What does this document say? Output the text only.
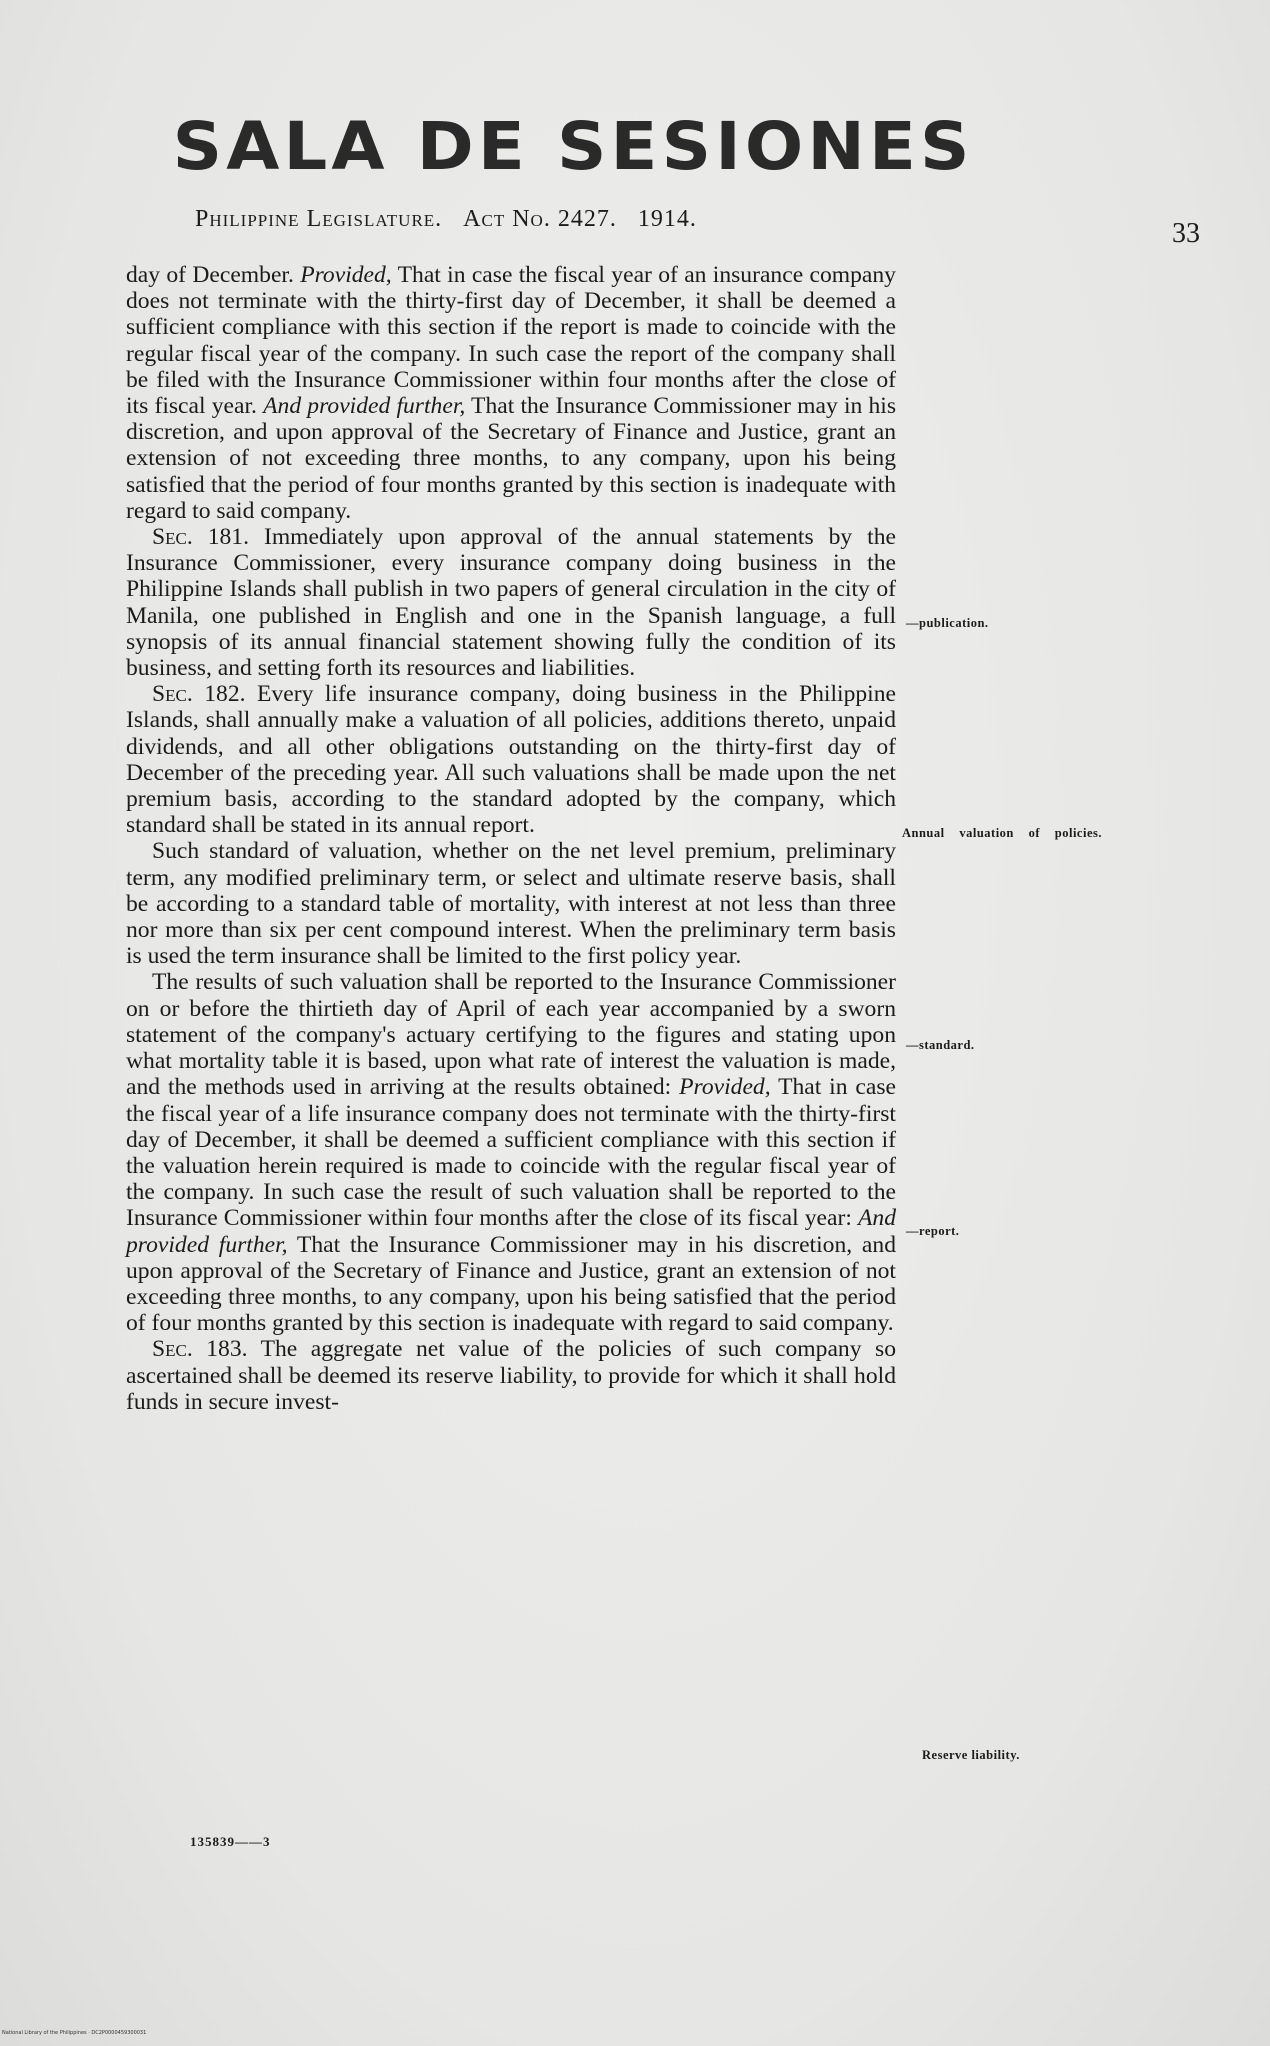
SALA DE SESIONES
Philippine Legislature. Act No. 2427. 1914.	33

day of December. Provided, That in case the fiscal year of an insurance company does not terminate with the thirty-first day of December, it shall be deemed a sufficient compliance with this section if the report is made to coincide with the regular fiscal year of the company. In such case the report of the company shall be filed with the Insurance Commissioner within four months after the close of its fiscal year. And provided further, That the Insurance Commissioner may in his discretion, and upon approval of the Secretary of Finance and Justice, grant an extension of not exceeding three months, to any company, upon his being satisfied that the period of four months granted by this section is inadequate with regard to said company.

Sec. 181. Immediately upon approval of the annual statements by the Insurance Commissioner, every insurance company doing business in the Philippine Islands shall publish in two papers of general circulation in the city of Manila, one published in English and one in the Spanish language, a full synopsis of its annual financial statement showing fully the condition of its business, and setting forth its resources and liabilities.

Sec. 182. Every life insurance company, doing business in the Philippine Islands, shall annually make a valuation of all policies, additions thereto, unpaid dividends, and all other obligations outstanding on the thirty-first day of December of the preceding year. All such valuations shall be made upon the net premium basis, according to the standard adopted by the company, which standard shall be stated in its annual report.

Such standard of valuation, whether on the net level premium, preliminary term, any modified preliminary term, or select and ultimate reserve basis, shall be according to a standard table of mortality, with interest at not less than three nor more than six per cent compound interest. When the preliminary term basis is used the term insurance shall be limited to the first policy year.

The results of such valuation shall be reported to the Insurance Commissioner on or before the thirtieth day of April of each year accompanied by a sworn statement of the company's actuary certifying to the figures and stating upon what mortality table it is based, upon what rate of interest the valuation is made, and the methods used in arriving at the results obtained: Provided, That in case the fiscal year of a life insurance company does not terminate with the thirty-first day of December, it shall be deemed a sufficient compliance with this section if the valuation herein required is made to coincide with the regular fiscal year of the company. In such case the result of such valuation shall be reported to the Insurance Commissioner within four months after the close of its fiscal year: And provided further, That the Insurance Commissioner may in his discretion, and upon approval of the Secretary of Finance and Justice, grant an extension of not exceeding three months, to any company, upon his being satisfied that the period of four months granted by this section is inadequate with regard to said company.

Sec. 183. The aggregate net value of the policies of such company so ascertained shall be deemed its reserve liability, to provide for which it shall hold funds in secure invest-

—publication.
Annual valuation of policies.
—standard.
—report.
Reserve liability.
135839——3
National Library of the Philippines · DC2P0000459300031
